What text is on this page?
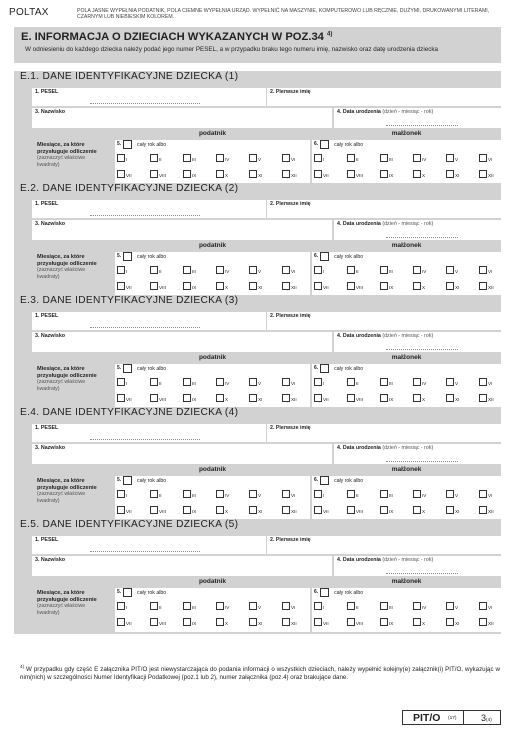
POLTAX	POLA JASNE WYPEŁNIA PODATNIK, POLA CIEMNE WYPEŁNIA URZĄD. WYPEŁNIĆ NA MASZYNIE, KOMPUTEROWO LUB RĘCZNIE, DUŻYMI, DRUKOWANYMI LITERAMI, CZARNYM LUB NIEBIESKIM KOLOREM.
E. INFORMACJA O DZIECIACH WYKAZANYCH W POZ.34 $^{4)}$
W odniesieniu do każdego dziecka należy podać jego numer PESEL, a w przypadku braku tego numeru imię, nazwisko oraz datę urodzenia dziecka
E.1. DANE IDENTYFIKACYJNE DZIECKA (1)
1. PESEL	2. Pierwsze imię
3. Nazwisko	4. Data urodzenia (dzień - miesiąc - rok)
podatnik	małżonek
Miesiące, za które
przysługuje odliczenie
(zaznaczyć właściwe
kwadraty)

5.	cały rok albo
I	II	III	IV	V	VI
VII	VIII	IX	X	XI	XII
6.	cały rok albo
I	II	III	IV	V	VI
VII	VIII	IX	X	XI	XII
E.2. DANE IDENTYFIKACYJNE DZIECKA (2)
1. PESEL	2. Pierwsze imię
3. Nazwisko	4. Data urodzenia (dzień - miesiąc - rok)
podatnik	małżonek
Miesiące, za które
przysługuje odliczenie
(zaznaczyć właściwe
kwadraty)

5.	cały rok albo
I	II	III	IV	V	VI
VII	VIII	IX	X	XI	XII
6.	cały rok albo
I	II	III	IV	V	VI
VII	VIII	IX	X	XI	XII
E.3. DANE IDENTYFIKACYJNE DZIECKA (3)
1. PESEL	2. Pierwsze imię
3. Nazwisko	4. Data urodzenia (dzień - miesiąc - rok)
podatnik	małżonek
Miesiące, za które
przysługuje odliczenie
(zaznaczyć właściwe
kwadraty)

5.	cały rok albo
I	II	III	IV	V	VI
VII	VIII	IX	X	XI	XII
6.	cały rok albo
I	II	III	IV	V	VI
VII	VIII	IX	X	XI	XII
E.4. DANE IDENTYFIKACYJNE DZIECKA (4)
1. PESEL	2. Pierwsze imię
3. Nazwisko	4. Data urodzenia (dzień - miesiąc - rok)
podatnik	małżonek
Miesiące, za które
przysługuje odliczenie
(zaznaczyć właściwe
kwadraty)

5.	cały rok albo
I	II	III	IV	V	VI
VII	VIII	IX	X	XI	XII
6.	cały rok albo
I	II	III	IV	V	VI
VII	VIII	IX	X	XI	XII
E.5. DANE IDENTYFIKACYJNE DZIECKA (5)
1. PESEL	2. Pierwsze imię
3. Nazwisko	4. Data urodzenia (dzień - miesiąc - rok)
podatnik	małżonek
Miesiące, za które
przysługuje odliczenie
(zaznaczyć właściwe
kwadraty)

5.	cały rok albo
I	II	III	IV	V	VI
VII	VIII	IX	X	XI	XII
6.	cały rok albo
I	II	III	IV	V	VI
VII	VIII	IX	X	XI	XII
$^{4)}$ W przypadku gdy część E załącznika PIT/O jest niewystarczająca do podania informacji o wszystkich dzieciach, należy wypełnić kolejny(e) załącznik(i) PIT/O, wykazując w nim(nich) w szczególności Numer Identyfikacji Podatkowej (poz.1 lub 2), numer załącznika (poz.4) oraz brakujące dane.
PIT/O (17)	3(4)
